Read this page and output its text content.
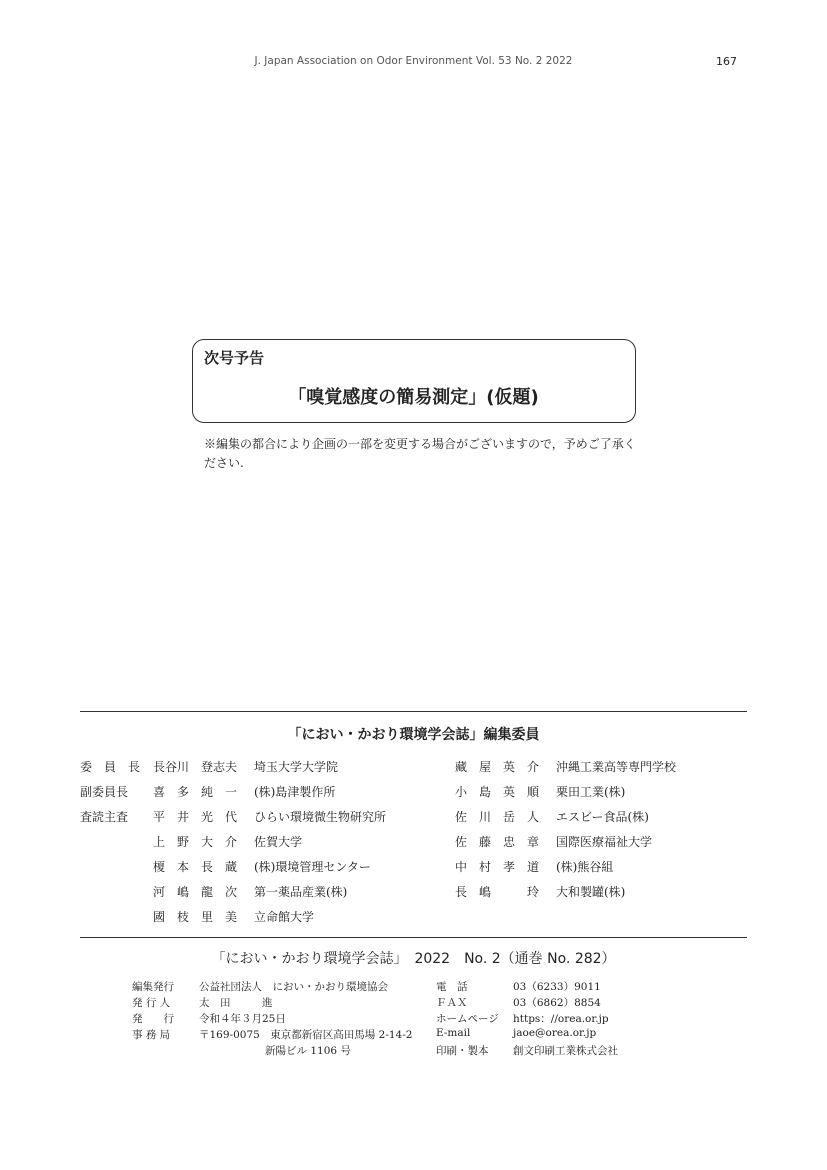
J. Japan Association on Odor Environment Vol. 53 No. 2 2022	167
次号予告
「嗅覚感度の簡易測定」(仮題)
※編集の都合により企画の一部を変更する場合がございますので，予めご了承ください.
「におい・かおり環境学会誌」編集委員
委　員　長 長谷川　登志夫 埼玉大学大学院
副委員長 喜　多　純　一 (株)島津製作所
査読主査 平　井　光　代 ひらい環境微生物研究所
上　野　大　介 佐賀大学
榎　本　長　蔵 (株)環境管理センター
河　嶋　龍　次 第一薬品産業(株)
國　枝　里　美 立命館大学
藏　屋　英　介 沖縄工業高等専門学校
小　島　英　順 栗田工業(株)
佐　川　岳　人 エスビー食品(株)
佐　藤　忠　章 国際医療福祉大学
中　村　孝　道 (株)熊谷組
長　嶋　　　玲 大和製罐(株)
「におい・かおり環境学会誌」　2022　No. 2（通巻 No. 282）
編集発行 公益社団法人　におい・かおり環境協会
発 行 人	太　田　　　進
発　　行 令和４年３月25日
事 務 局	〒169-0075　東京都新宿区高田馬場 2-14-2
新陽ビル 1106 号
電　話	03（6233）9011
ＦＡＸ	03（6862）8854
ホームページ https：//orea.or.jp
E-mail	jaoe@orea.or.jp
印刷・製本 創文印刷工業株式会社
